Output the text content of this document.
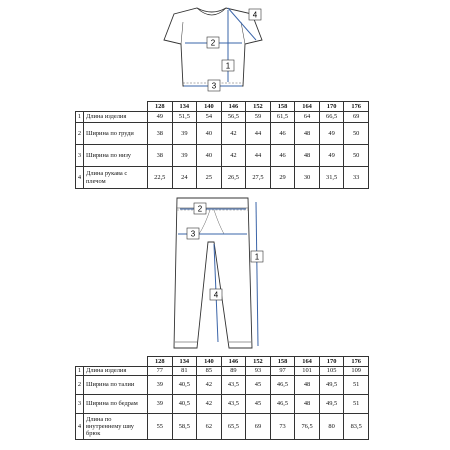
1
2
3
4
		128	134	140	146	152	158	164	170	176
1	Длина изделия	49	51,5	54	56,5	59	61,5	64	66,5	69
2	Ширина по груди	38	39	40	42	44	46	48	49	50
3	Ширина по низу	38	39	40	42	44	46	48	49	50
4	Длина рукава с плечом	22,5	24	25	26,5	27,5	29	30	31,5	33
1
2
3
4
		128	134	140	146	152	158	164	170	176
1	Длина изделия	77	81	85	89	93	97	101	105	109
2	Ширина по талии	39	40,5	42	43,5	45	46,5	48	49,5	51
3	Ширина по бедрам	39	40,5	42	43,5	45	46,5	48	49,5	51
4	Длина по внутреннему шву брюк	55	58,5	62	65,5	69	73	76,5	80	83,5
